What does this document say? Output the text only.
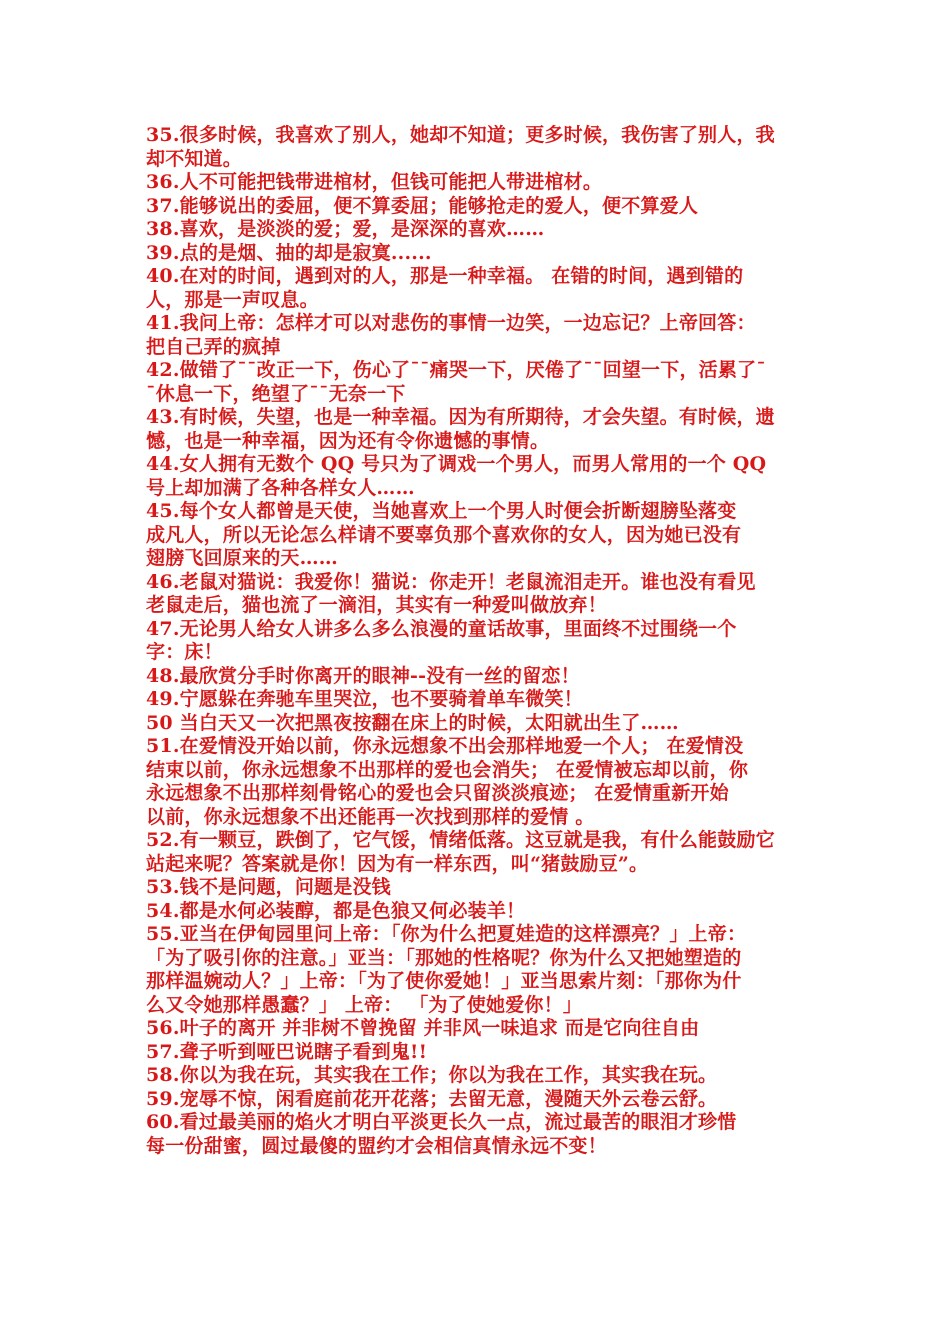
35.很多时候，我喜欢了别人，她却不知道；更多时候，我伤害了别人，我
却不知道。
36.人不可能把钱带进棺材，但钱可能把人带进棺材。
37.能够说出的委屈，便不算委屈；能够抢走的爱人，便不算爱人
38.喜欢，是淡淡的爱；爱，是深深的喜欢……
39.点的是烟、抽的却是寂寞......
40.在对的时间，遇到对的人，那是一种幸福。 在错的时间，遇到错的
人，那是一声叹息。
41.我问上帝：怎样才可以对悲伤的事情一边笑，一边忘记？上帝回答：
把自己弄的疯掉
42.做错了¯¯改正一下，伤心了¯¯痛哭一下，厌倦了¯¯回望一下，活累了¯
¯休息一下，绝望了¯¯无奈一下
43.有时候，失望，也是一种幸福。因为有所期待，才会失望。有时候，遗
憾，也是一种幸福，因为还有令你遗憾的事情。
44.女人拥有无数个 QQ 号只为了调戏一个男人，而男人常用的一个 QQ
号上却加满了各种各样女人……
45.每个女人都曾是天使，当她喜欢上一个男人时便会折断翅膀坠落变
成凡人，所以无论怎么样请不要辜负那个喜欢你的女人，因为她已没有
翅膀飞回原来的天……
46.老鼠对猫说：我爱你！猫说：你走开！老鼠流泪走开。谁也没有看见
老鼠走后，猫也流了一滴泪，其实有一种爱叫做放弃！
47.无论男人给女人讲多么多么浪漫的童话故事，里面终不过围绕一个
字：床！
48.最欣赏分手时你离开的眼神--没有一丝的留恋！
49.宁愿躲在奔驰车里哭泣，也不要骑着单车微笑！
50 当白天又一次把黑夜按翻在床上的时候，太阳就出生了……
51.在爱情没开始以前，你永远想象不出会那样地爱一个人； 在爱情没
结束以前，你永远想象不出那样的爱也会消失； 在爱情被忘却以前，你
永远想象不出那样刻骨铭心的爱也会只留淡淡痕迹； 在爱情重新开始
以前，你永远想象不出还能再一次找到那样的爱情 。
52.有一颗豆，跌倒了，它气馁，情绪低落。这豆就是我，有什么能鼓励它
站起来呢？答案就是你！因为有一样东西，叫“猪鼓励豆”。
53.钱不是问题，问题是没钱
54.都是水何必装醇，都是色狼又何必装羊！
55.亚当在伊甸园里问上帝：「你为什么把夏娃造的这样漂亮？」上帝：
「为了吸引你的注意。」亚当：「那她的性格呢？你为什么又把她塑造的
那样温婉动人？」上帝：「为了使你爱她！」亚当思索片刻：「那你为什
么又令她那样愚蠢？」 上帝： 「为了使她爱你！」
56.叶子的离开 并非树不曾挽留 并非风一味追求 而是它向往自由
57.聋子听到哑巴说瞎子看到鬼!!
58.你以为我在玩，其实我在工作；你以为我在工作，其实我在玩。
59.宠辱不惊，闲看庭前花开花落；去留无意，漫随天外云卷云舒。
60.看过最美丽的焰火才明白平淡更长久一点，流过最苦的眼泪才珍惜
每一份甜蜜，圆过最傻的盟约才会相信真情永远不变！
